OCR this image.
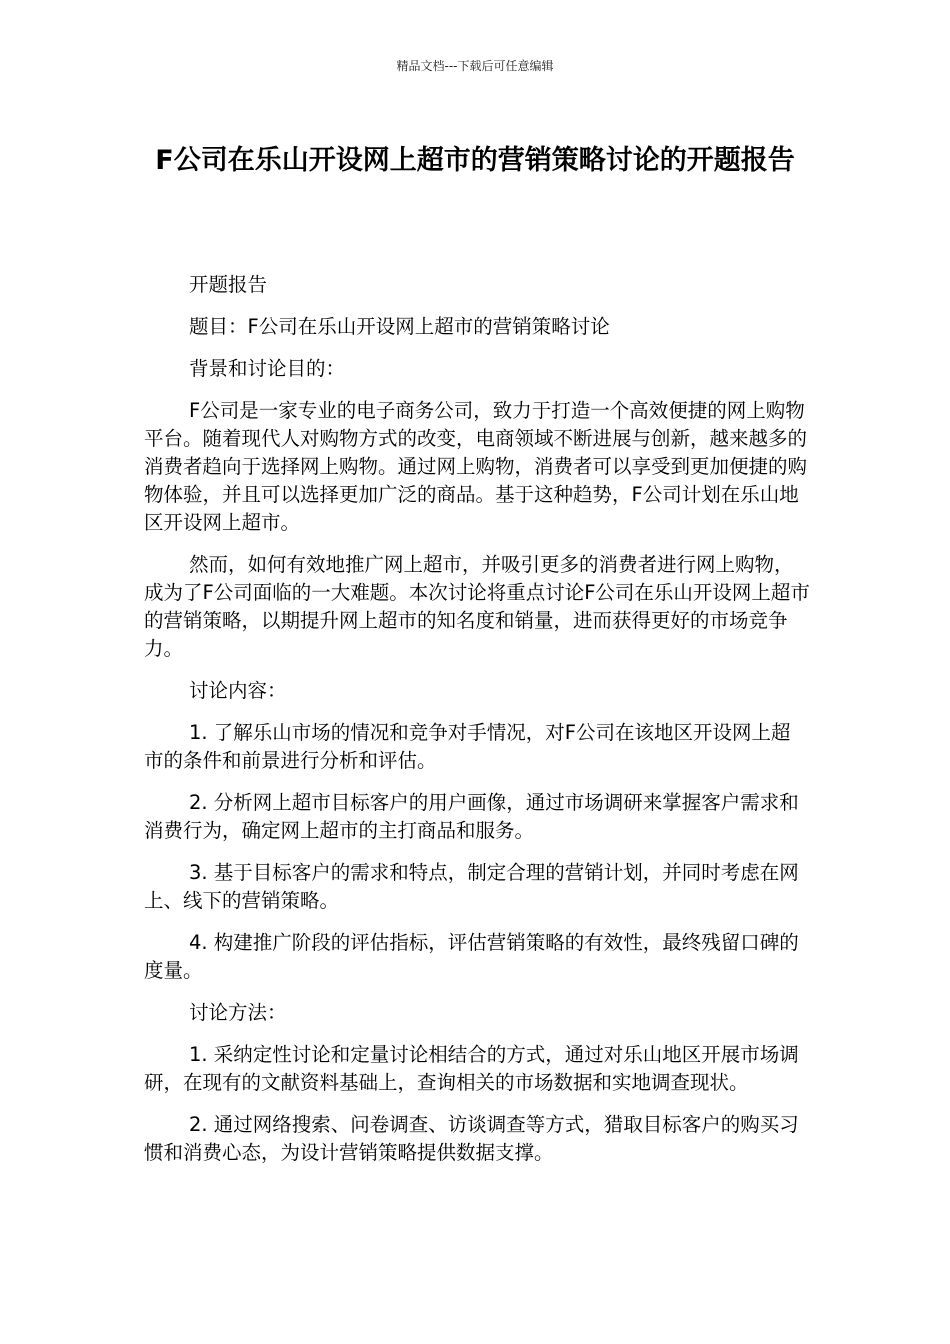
精品文档---下载后可任意编辑
F公司在乐山开设网上超市的营销策略讨论的开题报告

开题报告

题目：F公司在乐山开设网上超市的营销策略讨论

背景和讨论目的：

F公司是一家专业的电子商务公司，致力于打造一个高效便捷的网上购物平台。随着现代人对购物方式的改变，电商领域不断进展与创新，越来越多的消费者趋向于选择网上购物。通过网上购物，消费者可以享受到更加便捷的购物体验，并且可以选择更加广泛的商品。基于这种趋势，F公司计划在乐山地区开设网上超市。

然而，如何有效地推广网上超市，并吸引更多的消费者进行网上购物，成为了F公司面临的一大难题。本次讨论将重点讨论F公司在乐山开设网上超市的营销策略，以期提升网上超市的知名度和销量，进而获得更好的市场竞争力。

讨论内容：

1. 了解乐山市场的情况和竞争对手情况，对F公司在该地区开设网上超市的条件和前景进行分析和评估。

2. 分析网上超市目标客户的用户画像，通过市场调研来掌握客户需求和消费行为，确定网上超市的主打商品和服务。

3. 基于目标客户的需求和特点，制定合理的营销计划，并同时考虑在网上、线下的营销策略。

4. 构建推广阶段的评估指标，评估营销策略的有效性，最终残留口碑的度量。

讨论方法：

1. 采纳定性讨论和定量讨论相结合的方式，通过对乐山地区开展市场调研，在现有的文献资料基础上，查询相关的市场数据和实地调查现状。

2. 通过网络搜索、问卷调查、访谈调查等方式，猎取目标客户的购买习惯和消费心态，为设计营销策略提供数据支撑。
